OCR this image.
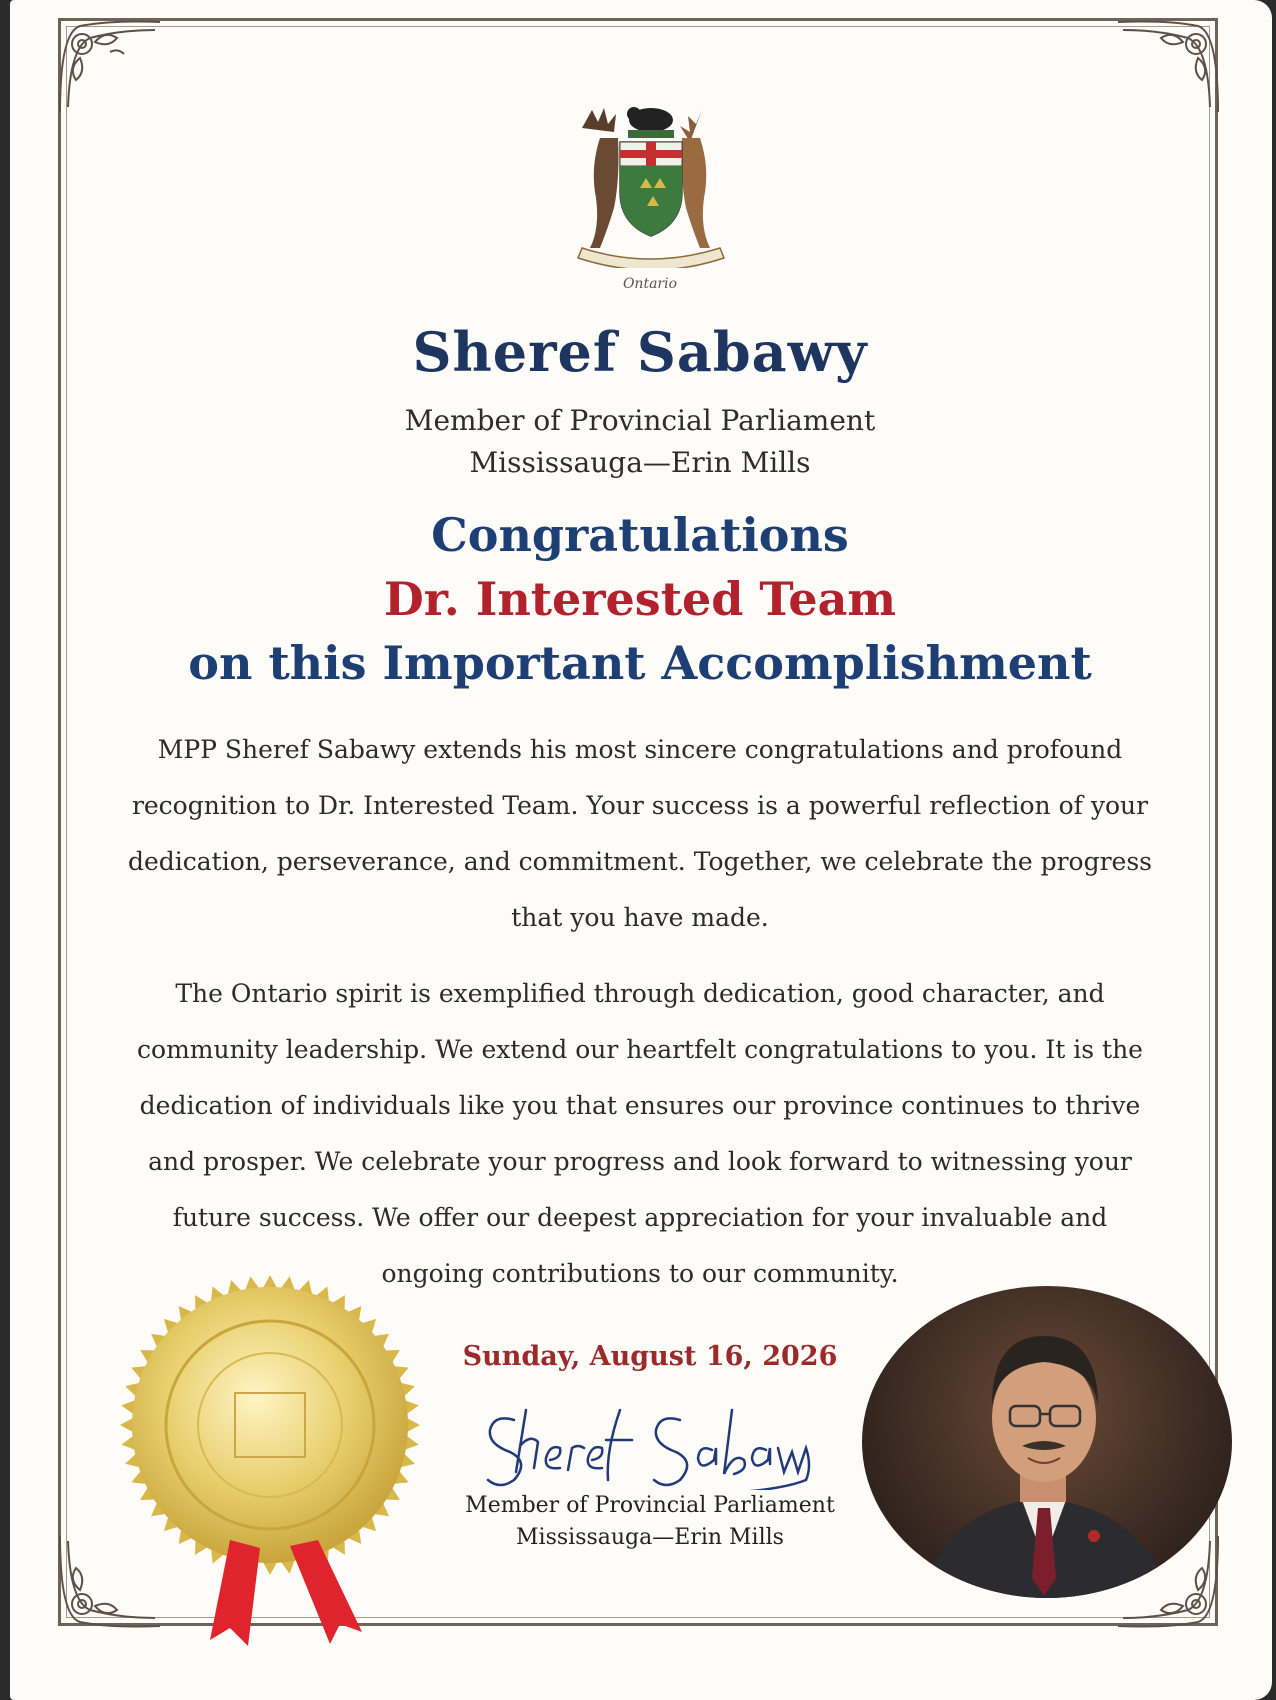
Ontario
Sheref Sabawy
Member of Provincial Parliament
Mississauga—Erin Mills
Congratulations
Dr. Interested Team
on this Important Accomplishment

MPP Sheref Sabawy extends his most sincere congratulations and profound recognition to Dr. Interested Team. Your success is a powerful reflection of your dedication, perseverance, and commitment. Together, we celebrate the progress that you have made.

The Ontario spirit is exemplified through dedication, good character, and community leadership. We extend our heartfelt congratulations to you. It is the dedication of individuals like you that ensures our province continues to thrive and prosper. We celebrate your progress and look forward to witnessing your future success. We offer our deepest appreciation for your invaluable and ongoing contributions to our community.

Sunday, August 16, 2026
Member of Provincial Parliament
Mississauga—Erin Mills
